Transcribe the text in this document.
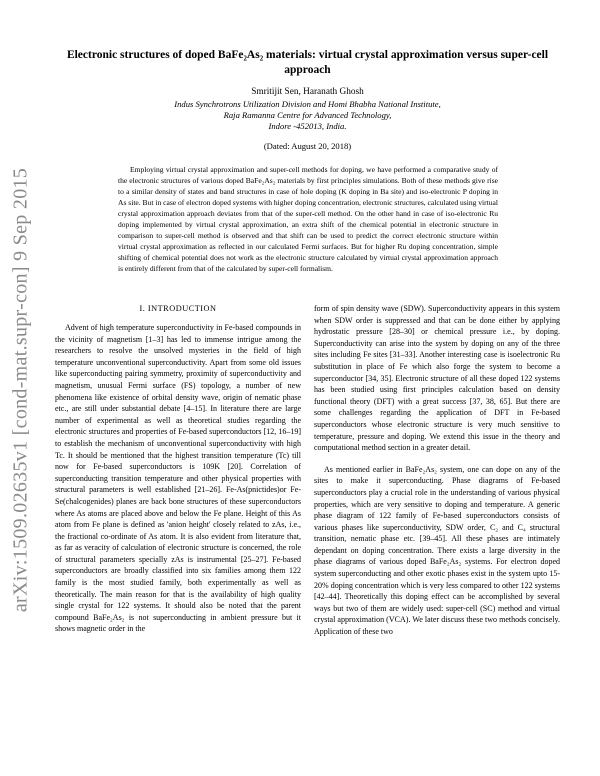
arXiv:1509.02635v1 [cond-mat.supr-con] 9 Sep 2015
Electronic structures of doped BaFe₂As₂ materials: virtual crystal approximation versus super-cell approach
Smritijit Sen, Haranath Ghosh
Indus Synchrotrons Utilization Division and Homi Bhabha National Institute,
Raja Ramanna Centre for Advanced Technology,
Indore -452013, India.
(Dated: August 20, 2018)

Employing virtual crystal approximation and super-cell methods for doping, we have performed a comparative study of the electronic structures of various doped BaFe₂As₂ materials by first principles simulations. Both of these methods give rise to a similar density of states and band structures in case of hole doping (K doping in Ba site) and iso-electronic P doping in As site. But in case of electron doped systems with higher doping concentration, electronic structures, calculated using virtual crystal approximation approach deviates from that of the super-cell method. On the other hand in case of iso-electronic Ru doping implemented by virtual crystal approximation, an extra shift of the chemical potential in electronic structure in comparison to super-cell method is observed and that shift can be used to predict the correct electronic structure within virtual crystal approximation as reflected in our calculated Fermi surfaces. But for higher Ru doping concentration, simple shifting of chemical potential does not work as the electronic structure calculated by virtual crystal approximation approach is entirely different from that of the calculated by super-cell formalism.

I. INTRODUCTION

Advent of high temperature superconductivity in Fe-based compounds in the vicinity of magnetism [1–3] has led to immense intrigue among the researchers to resolve the unsolved mysteries in the field of high temperature unconventional superconductivity. Apart from some old issues like superconducting pairing symmetry, proximity of superconductivity and magnetism, unusual Fermi surface (FS) topology, a number of new phenomena like existence of orbital density wave, origin of nematic phase etc., are still under substantial debate [4–15]. In literature there are large number of experimental as well as theoretical studies regarding the electronic structures and properties of Fe-based superconductors [12, 16–19] to establish the mechanism of unconventional superconductivity with high Tc. It should be mentioned that the highest transition temperature (Tc) till now for Fe-based superconductors is 109K [20]. Correlation of superconducting transition temperature and other physical properties with structural parameters is well established [21–26]. Fe-As(pnictides)or Fe-Se(chalcogenides) planes are back bone structures of these superconductors where As atoms are placed above and below the Fe plane. Height of this As atom from Fe plane is defined as 'anion height' closely related to zAs, i.e., the fractional co-ordinate of As atom. It is also evident from literature that, as far as veracity of calculation of electronic structure is concerned, the role of structural parameters specially zAs is instrumental [25–27]. Fe-based superconductors are broadly classified into six families among them 122 family is the most studied family, both experimentally as well as theoretically. The main reason for that is the availability of high quality single crystal for 122 systems. It should also be noted that the parent compound BaFe₂As₂ is not superconducting in ambient pressure but it shows magnetic order in the

form of spin density wave (SDW). Superconductivity appears in this system when SDW order is suppressed and that can be done either by applying hydrostatic pressure [28–30] or chemical pressure i.e., by doping. Superconductivity can arise into the system by doping on any of the three sites including Fe sites [31–33]. Another interesting case is isoelectronic Ru substitution in place of Fe which also forge the system to become a superconductor [34, 35]. Electronic structure of all these doped 122 systems has been studied using first principles calculation based on density functional theory (DFT) with a great success [37, 38, 65]. But there are some challenges regarding the application of DFT in Fe-based superconductors whose electronic structure is very much sensitive to temperature, pressure and doping. We extend this issue in the theory and computational method section in a greater detail.

As mentioned earlier in BaFe₂As₂ system, one can dope on any of the sites to make it superconducting. Phase diagrams of Fe-based superconductors play a crucial role in the understanding of various physical properties, which are very sensitive to doping and temperature. A generic phase diagram of 122 family of Fe-based superconductors consists of various phases like superconductivity, SDW order, C₂ and C₄ structural transition, nematic phase etc. [39–45]. All these phases are intimately dependant on doping concentration. There exists a large diversity in the phase diagrams of various doped BaFe₂As₂ systems. For electron doped system superconducting and other exotic phases exist in the system upto 15-20% doping concentration which is very less compared to other 122 systems [42–44]. Theoretically this doping effect can be accomplished by several ways but two of them are widely used: super-cell (SC) method and virtual crystal approximation (VCA). We later discuss these two methods concisely. Application of these two
